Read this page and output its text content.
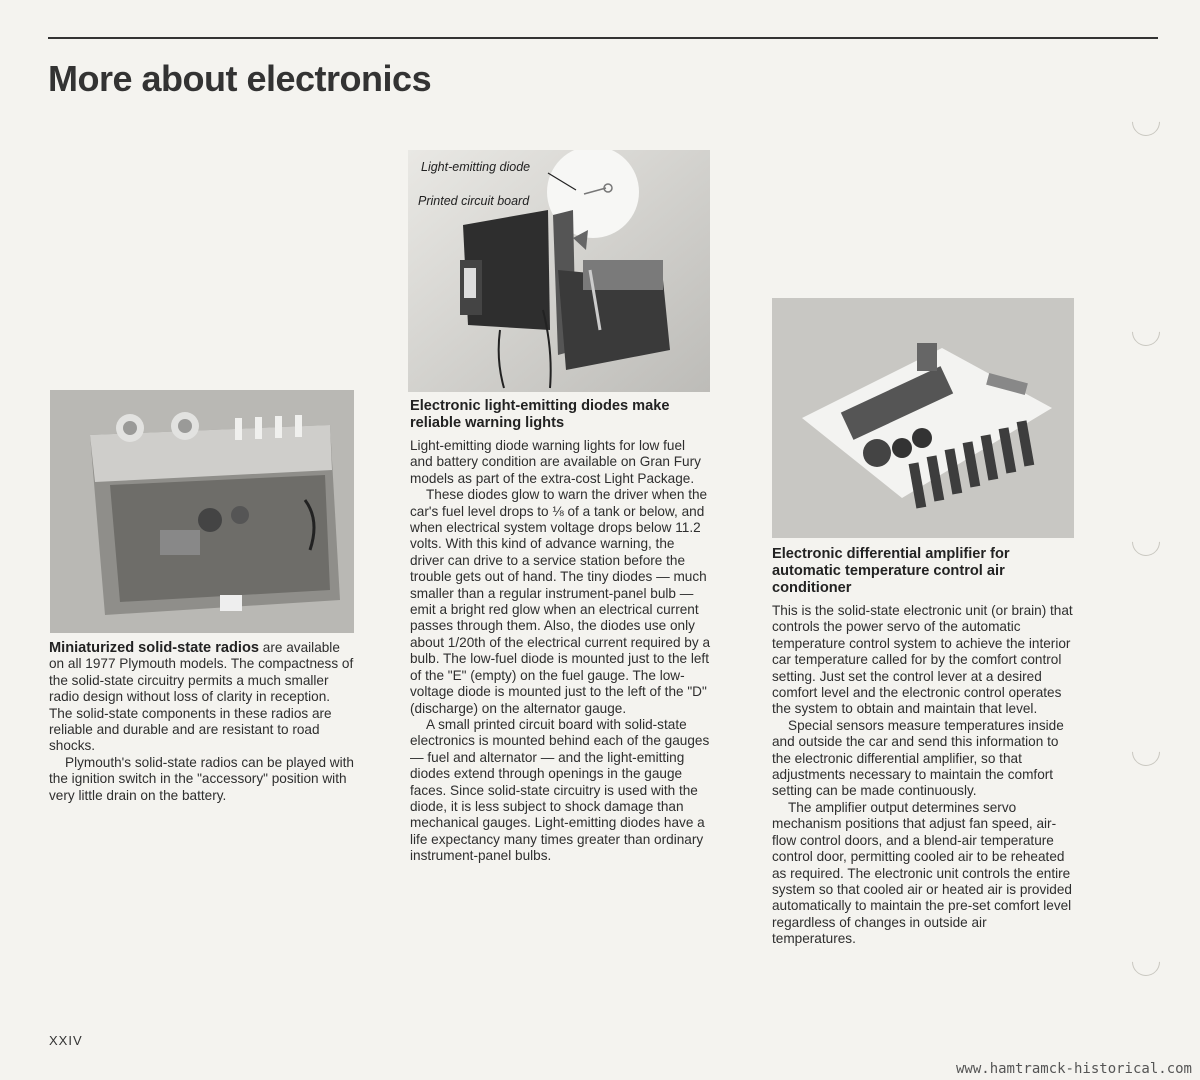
More about electronics
Light-emitting diode
Printed circuit board

Miniaturized solid-state radios are available on all 1977 Plymouth models. The compactness of the solid-state circuitry permits a much smaller radio design without loss of clarity in reception. The solid-state components in these radios are reliable and durable and are resistant to road shocks.

Plymouth's solid-state radios can be played with the ignition switch in the "accessory" position with very little drain on the battery.

Electronic light-emitting diodes make reliable warning lights

Light-emitting diode warning lights for low fuel and battery condition are available on Gran Fury models as part of the extra-cost Light Package.

These diodes glow to warn the driver when the car's fuel level drops to ⅛ of a tank or below, and when electrical system voltage drops below 11.2 volts. With this kind of advance warning, the driver can drive to a service station before the trouble gets out of hand. The tiny diodes — much smaller than a regular instrument-panel bulb — emit a bright red glow when an electrical current passes through them. Also, the diodes use only about 1/20th of the electrical current required by a bulb. The low-fuel diode is mounted just to the left of the "E" (empty) on the fuel gauge. The low-voltage diode is mounted just to the left of the "D" (discharge) on the alternator gauge.

A small printed circuit board with solid-state electronics is mounted behind each of the gauges — fuel and alternator — and the light-emitting diodes extend through openings in the gauge faces. Since solid-state circuitry is used with the diode, it is less subject to shock damage than mechanical gauges. Light-emitting diodes have a life expectancy many times greater than ordinary instrument-panel bulbs.

Electronic differential amplifier for automatic temperature control air conditioner

This is the solid-state electronic unit (or brain) that controls the power servo of the automatic temperature control system to achieve the interior car temperature called for by the comfort control setting. Just set the control lever at a desired comfort level and the electronic control operates the system to obtain and maintain that level.

Special sensors measure temperatures inside and outside the car and send this information to the electronic differential amplifier, so that adjustments necessary to maintain the comfort setting can be made continuously.

The amplifier output determines servo mechanism positions that adjust fan speed, air-flow control doors, and a blend-air temperature control door, permitting cooled air to be reheated as required. The electronic unit controls the entire system so that cooled air or heated air is provided automatically to maintain the pre-set comfort level regardless of changes in outside air temperatures.

XXIV
www.hamtramck-historical.com
